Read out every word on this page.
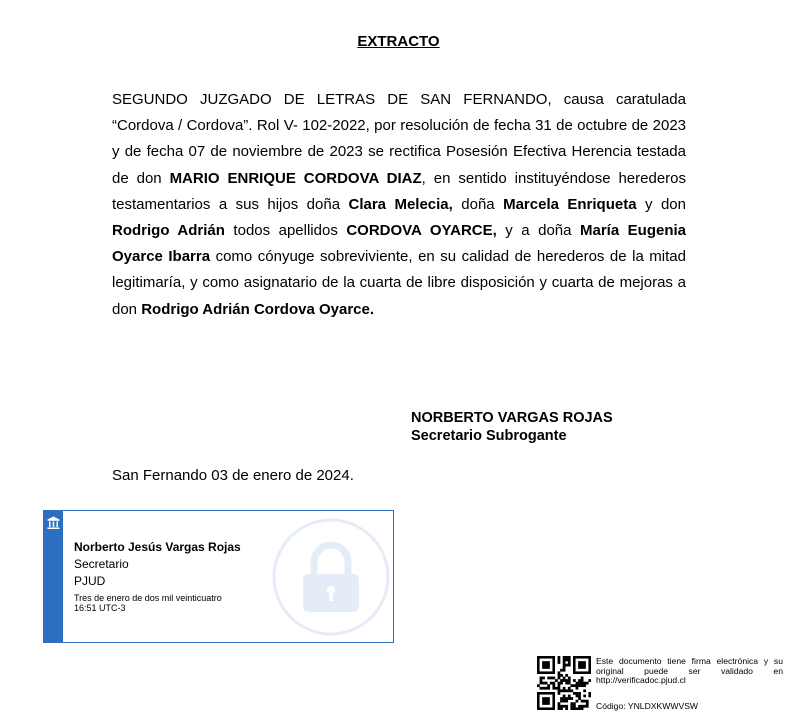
EXTRACTO
SEGUNDO JUZGADO DE LETRAS DE SAN FERNANDO, causa caratulada “Cordova / Cordova”. Rol V- 102-2022, por resolución de fecha 31 de octubre de 2023 y de fecha 07 de noviembre de 2023 se rectifica Posesión Efectiva Herencia testada de don MARIO ENRIQUE CORDOVA DIAZ, en sentido instituyéndose herederos testamentarios a sus hijos doña Clara Melecia, doña Marcela Enriqueta y don Rodrigo Adrián todos apellidos CORDOVA OYARCE, y a doña María Eugenia Oyarce Ibarra como cónyuge sobreviviente, en su calidad de herederos de la mitad legitimaría, y como asignatario de la cuarta de libre disposición y cuarta de mejoras a don Rodrigo Adrián Cordova Oyarce.
NORBERTO VARGAS ROJAS
Secretario Subrogante
San Fernando 03 de enero de 2024.
Norberto Jesús Vargas Rojas
Secretario
PJUD
Tres de enero de dos mil veinticuatro
16:51 UTC-3
Este documento tiene firma electrónica y su original puede ser validado en http://verificadoc.pjud.cl
Código: YNLDXKWWVSW
